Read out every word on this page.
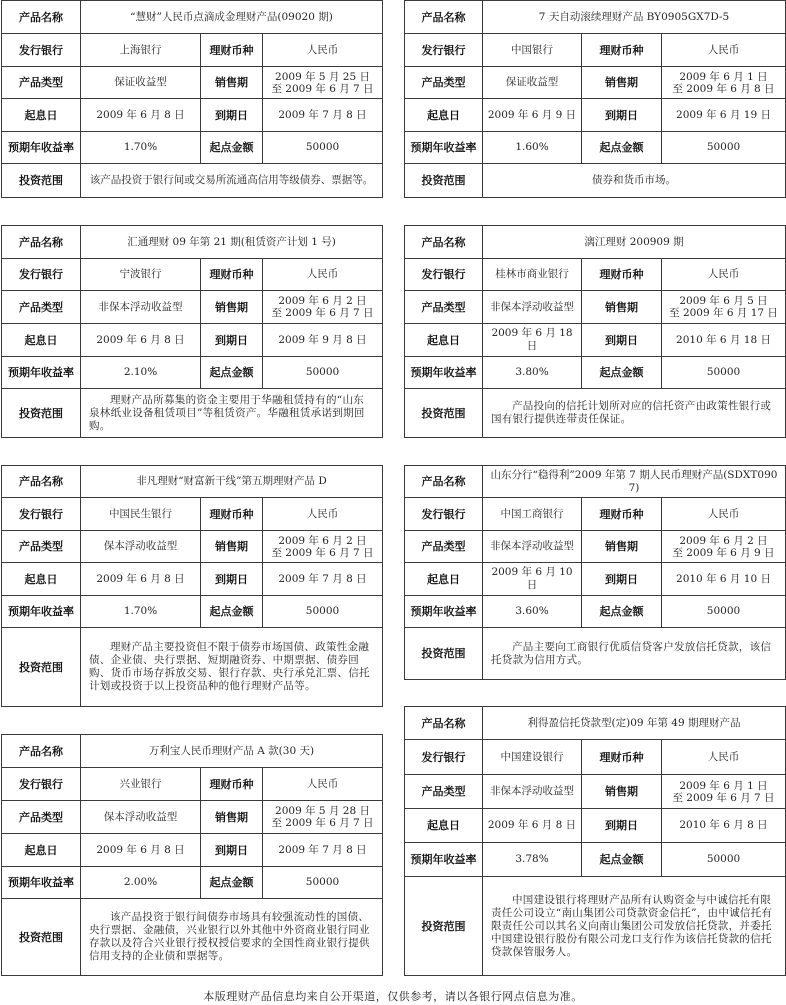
产品名称	“慧财”人民币点滴成金理财产品(09020 期)		
发行银行	上海银行	理财币种	人民币
产品类型	保证收益型	销售期	2009 年 5 月 25 日
至 2009 年 6 月 7 日

起息日	2009 年 6 月 8 日	到期日	2009 年 7 月 8 日
预期年收益率	1.70%	起点金额	50000
投资范围	该产品投资于银行间或交易所流通高信用等级债券、票据等。		
产品名称	7 天自动滚续理财产品 BY0905GX7D-5		
发行银行	中国银行	理财币种	人民币
产品类型	保证收益型	销售期	2009 年 6 月 1 日
至 2009 年 6 月 8 日

起息日	2009 年 6 月 9 日	到期日	2009 年 6 月 19 日
预期年收益率	1.60%	起点金额	50000
投资范围	债券和货币市场。		
产品名称	汇通理财 09 年第 21 期(租赁资产计划 1 号)		
发行银行	宁波银行	理财币种	人民币
产品类型	非保本浮动收益型	销售期	2009 年 6 月 2 日
至 2009 年 6 月 7 日

起息日	2009 年 6 月 8 日	到期日	2009 年 9 月 8 日
预期年收益率	2.10%	起点金额	50000
投资范围	理财产品所募集的资金主要用于华融租赁持有的“山东泉林纸业设备租赁项目”等租赁资产。华融租赁承诺到期回购。		
产品名称	漓江理财 200909 期		
发行银行	桂林市商业银行	理财币种	人民币
产品类型	非保本浮动收益型	销售期	2009 年 6 月 5 日
至 2009 年 6 月 17 日

起息日	2009 年 6 月 18 日	到期日	2010 年 6 月 18 日
预期年收益率	3.80%	起点金额	50000
投资范围	产品投向的信托计划所对应的信托资产由政策性银行或国有银行提供连带责任保证。		
产品名称	非凡理财“财富新干线”第五期理财产品 D		
发行银行	中国民生银行	理财币种	人民币
产品类型	保本浮动收益型	销售期	2009 年 6 月 2 日
至 2009 年 6 月 7 日

起息日	2009 年 6 月 8 日	到期日	2009 年 7 月 8 日
预期年收益率	1.70%	起点金额	50000
投资范围	理财产品主要投资但不限于债券市场国债、政策性金融债、企业债、央行票据、短期融资券、中期票据、债券回购、货币市场存拆放交易、银行存款、央行承兑汇票、信托计划或投资于以上投资品种的他行理财产品等。		
产品名称	山东分行“稳得利”2009 年第 7 期人民币理财产品(SDXT0907)		
发行银行	中国工商银行	理财币种	人民币
产品类型	非保本浮动收益型	销售期	2009 年 6 月 2 日
至 2009 年 6 月 9 日

起息日	2009 年 6 月 10 日	到期日	2010 年 6 月 10 日
预期年收益率	3.60%	起点金额	50000
投资范围	产品主要向工商银行优质信贷客户发放信托贷款，该信托贷款为信用方式。		
产品名称	万利宝人民币理财产品 A 款(30 天)		
发行银行	兴业银行	理财币种	人民币
产品类型	保本浮动收益型	销售期	2009 年 5 月 28 日
至 2009 年 6 月 7 日

起息日	2009 年 6 月 8 日	到期日	2009 年 7 月 8 日
预期年收益率	2.00%	起点金额	50000
投资范围	该产品投资于银行间债券市场具有较强流动性的国债、央行票据、金融债，兴业银行以外其他中外资商业银行同业存款以及符合兴业银行授权授信要求的全国性商业银行提供信用支持的企业债和票据等。		
产品名称	利得盈信托贷款型(定)09 年第 49 期理财产品		
发行银行	中国建设银行	理财币种	人民币
产品类型	非保本浮动收益型	销售期	2009 年 6 月 1 日
至 2009 年 6 月 7 日

起息日	2009 年 6 月 8 日	到期日	2010 年 6 月 8 日
预期年收益率	3.78%	起点金额	50000
投资范围	中国建设银行将理财产品所有认购资金与中诚信托有限责任公司设立“南山集团公司贷款资金信托”，由中诚信托有限责任公司以其名义向南山集团公司发放信托贷款，并委托中国建设银行股份有限公司龙口支行作为该信托贷款的信托贷款保管服务人。		
本版理财产品信息均来自公开渠道，仅供参考，请以各银行网点信息为准。
